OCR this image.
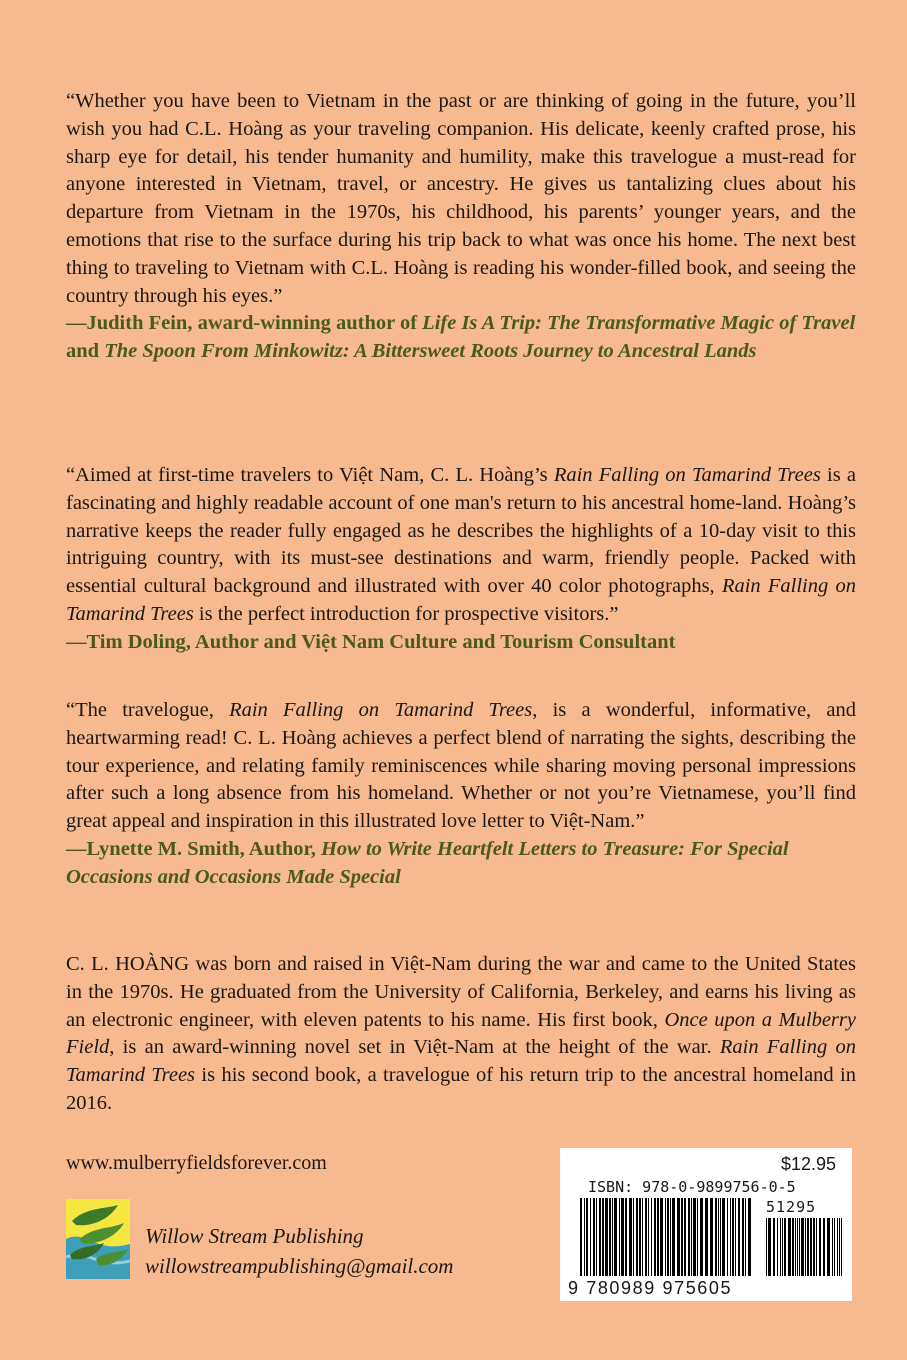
“Whether you have been to Vietnam in the past or are thinking of going in the future, you’ll wish you had C.L. Hoàng as your traveling companion. His delicate, keenly crafted prose, his sharp eye for detail, his tender humanity and humility, make this travelogue a must-read for anyone interested in Vietnam, travel, or ancestry. He gives us tantalizing clues about his departure from Vietnam in the 1970s, his childhood, his parents’ younger years, and the emotions that rise to the surface during his trip back to what was once his home. The next best thing to traveling to Vietnam with C.L. Hoàng is reading his wonder-filled book, and seeing the country through his eyes.”

—Judith Fein, award-winning author of Life Is A Trip: The Transformative Magic of Travel and The Spoon From Minkowitz: A Bittersweet Roots Journey to Ancestral Lands

“Aimed at first-time travelers to Việt Nam, C. L. Hoàng’s Rain Falling on Tamarind Trees is a fascinating and highly readable account of one man's return to his ancestral home-land. Hoàng’s narrative keeps the reader fully engaged as he describes the highlights of a 10-day visit to this intriguing country, with its must-see destinations and warm, friendly people. Packed with essential cultural background and illustrated with over 40 color photographs, Rain Falling on Tamarind Trees is the perfect introduction for prospective visitors.”

—Tim Doling, Author and Việt Nam Culture and Tourism Consultant

“The travelogue, Rain Falling on Tamarind Trees, is a wonderful, informative, and heartwarming read! C. L. Hoàng achieves a perfect blend of narrating the sights, describing the tour experience, and relating family reminiscences while sharing moving personal impressions after such a long absence from his homeland. Whether or not you’re Vietnamese, you’ll find great appeal and inspiration in this illustrated love letter to Việt-Nam.”

—Lynette M. Smith, Author, How to Write Heartfelt Letters to Treasure: For Special Occasions and Occasions Made Special

C. L. HOÀNG was born and raised in Việt-Nam during the war and came to the United States in the 1970s. He graduated from the University of California, Berkeley, and earns his living as an electronic engineer, with eleven patents to his name. His first book, Once upon a Mulberry Field, is an award-winning novel set in Việt-Nam at the height of the war. Rain Falling on Tamarind Trees is his second book, a travelogue of his return trip to the ancestral homeland in 2016.

www.mulberryfieldsforever.com
Willow Stream Publishing
willowstreampublishing@gmail.com
$12.95
ISBN: 978-0-9899756-0-5
51295
9 780989 975605
